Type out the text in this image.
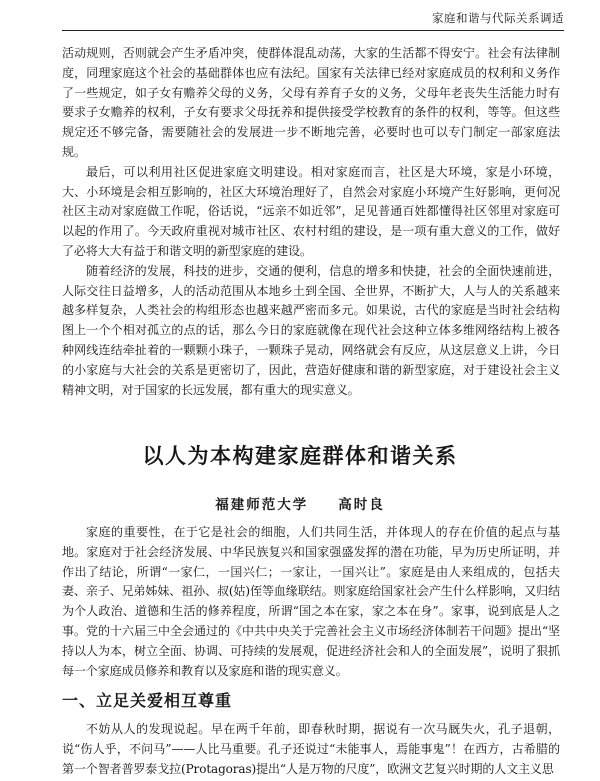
家庭和谐与代际关系调适

活动规则，否则就会产生矛盾冲突，使群体混乱动荡，大家的生活都不得安宁。社会有法律制度，同理家庭这个社会的基础群体也应有法纪。国家有关法律已经对家庭成员的权利和义务作了一些规定，如子女有赡养父母的义务，父母有养育子女的义务，父母年老丧失生活能力时有要求子女赡养的权利，子女有要求父母抚养和提供接受学校教育的条件的权利，等等。但这些规定还不够完备，需要随社会的发展进一步不断地完善，必要时也可以专门制定一部家庭法规。

最后，可以利用社区促进家庭文明建设。相对家庭而言，社区是大环境，家是小环境，大、小环境是会相互影响的，社区大环境治理好了，自然会对家庭小环境产生好影响，更何况社区主动对家庭做工作呢，俗话说，“远亲不如近邻”，足见普通百姓都懂得社区邻里对家庭可以起的作用了。今天政府重视对城市社区、农村村组的建设，是一项有重大意义的工作，做好了必将大大有益于和谐文明的新型家庭的建设。

随着经济的发展，科技的进步，交通的便利，信息的增多和快捷，社会的全面快速前进，人际交往日益增多，人的活动范围从本地乡土到全国、全世界，不断扩大，人与人的关系越来越多样复杂，人类社会的构组形态也越来越严密而多元。如果说，古代的家庭是当时社会结构图上一个个相对孤立的点的话，那么今日的家庭就像在现代社会这种立体多维网络结构上被各种网线连结牵扯着的一颗颗小珠子，一颗珠子晃动，网络就会有反应，从这层意义上讲，今日的小家庭与大社会的关系是更密切了，因此，营造好健康和谐的新型家庭，对于建设社会主义精神文明，对于国家的长远发展，都有重大的现实意义。

以人为本构建家庭群体和谐关系

福建师范大学 高时良

家庭的重要性，在于它是社会的细胞，人们共同生活，并体现人的存在价值的起点与基地。家庭对于社会经济发展、中华民族复兴和国家强盛发挥的潜在功能，早为历史所证明，并作出了结论，所谓“一家仁，一国兴仁；一家让，一国兴让”。家庭是由人来组成的，包括夫妻、亲子、兄弟姊妹、祖孙、叔(姑)侄等血缘联结。则家庭给国家社会产生什么样影响，又归结为个人政治、道德和生活的修养程度，所谓“国之本在家，家之本在身”。家事，说到底是人之事。党的十六届三中全会通过的《中共中央关于完善社会主义市场经济体制若干问题》提出“坚持以人为本，树立全面、协调、可持续的发展观，促进经济社会和人的全面发展”，说明了狠抓每一个家庭成员修养和教育以及家庭和谐的现实意义。

一、立足关爱相互尊重

不妨从人的发现说起。早在两千年前，即春秋时期，据说有一次马厩失火，孔子退朝，说“伤人乎，不问马”——人比马重要。孔子还说过“未能事人，焉能事鬼”！在西方，古希腊的第一个智者普罗泰戈拉(Protagoras)提出“人是万物的尺度”，欧洲文艺复兴时期的人文主义思
